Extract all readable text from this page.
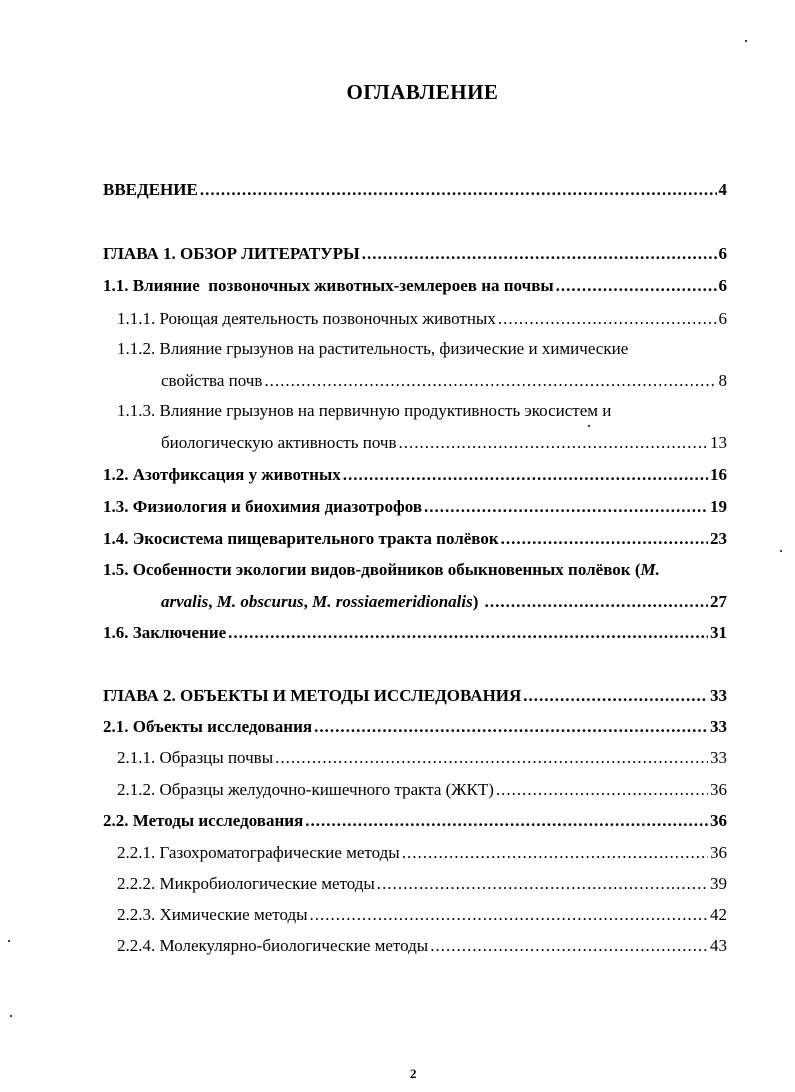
ОГЛАВЛЕНИЕ
ВВЕДЕНИЕ .....	4
ГЛАВА 1. ОБЗОР ЛИТЕРАТУРЫ .....	6
1.1. Влияние  позвоночных животных-землероев на почвы .....	6
1.1.1. Роющая деятельность позвоночных животных .....	6
1.1.2. Влияние грызунов на растительность, физические и химические
свойства почв .....	8
1.1.3. Влияние грызунов на первичную продуктивность экосистем и
биологическую активность почв .....	13
1.2. Азотфиксация у животных .....	16
1.3. Физиология и биохимия диазотрофов .....	19
1.4. Экосистема пищеварительного тракта полёвок .....	23
1.5. Особенности экологии видов-двойников обыкновенных полёвок (M.
arvalis, M. obscurus, M. rossiaemeridionalis) .....	27
1.6. Заключение .....	31
ГЛАВА 2. ОБЪЕКТЫ И МЕТОДЫ ИССЛЕДОВАНИЯ .....	33
2.1. Объекты исследования .....	33
2.1.1. Образцы почвы .....	33
2.1.2. Образцы желудочно-кишечного тракта (ЖКТ) .....	36
2.2. Методы исследования .....	36
2.2.1. Газохроматографические методы .....	36
2.2.2. Микробиологические методы .....	39
2.2.3. Химические методы .....	42
2.2.4. Молекулярно-биологические методы .....	43
2
